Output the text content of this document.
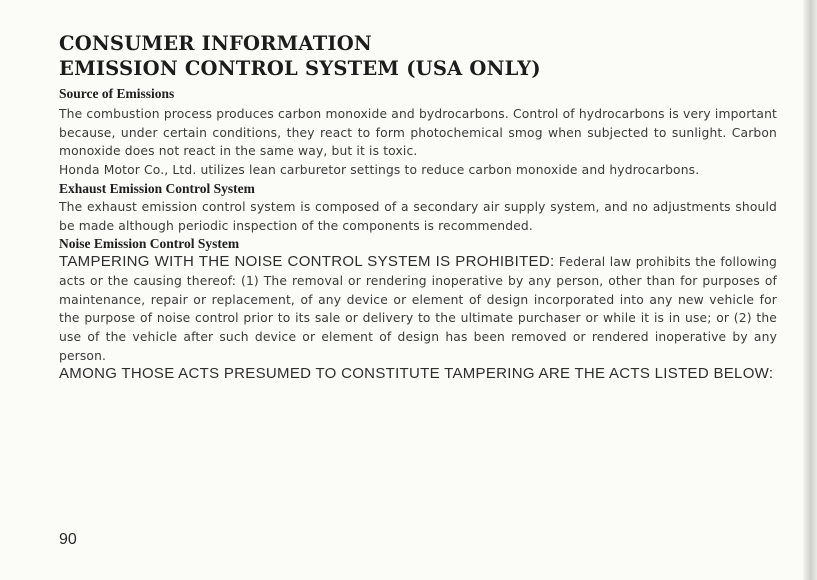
CONSUMER INFORMATION
EMISSION CONTROL SYSTEM (USA ONLY)
Source of Emissions

The combustion process produces carbon monoxide and bydrocarbons. Control of hydrocarbons is very important because, under certain conditions, they react to form photochemical smog when subjected to sunlight. Carbon monoxide does not react in the same way, but it is toxic.

Honda Motor Co., Ltd. utilizes lean carburetor settings to reduce carbon monoxide and hydrocarbons.

Exhaust Emission Control System

The exhaust emission control system is composed of a secondary air supply system, and no adjustments should be made although periodic inspection of the components is recommended.

Noise Emission Control System

TAMPERING WITH THE NOISE CONTROL SYSTEM IS PROHIBITED: Federal law prohibits the following acts or the causing thereof: (1) The removal or rendering inoperative by any person, other than for purposes of maintenance, repair or replacement, of any device or element of design incorporated into any new vehicle for the purpose of noise control prior to its sale or delivery to the ultimate purchaser or while it is in use; or (2) the use of the vehicle after such device or element of design has been removed or rendered inoperative by any person.

AMONG THOSE ACTS PRESUMED TO CONSTITUTE TAMPERING ARE THE ACTS LISTED BELOW:

90
